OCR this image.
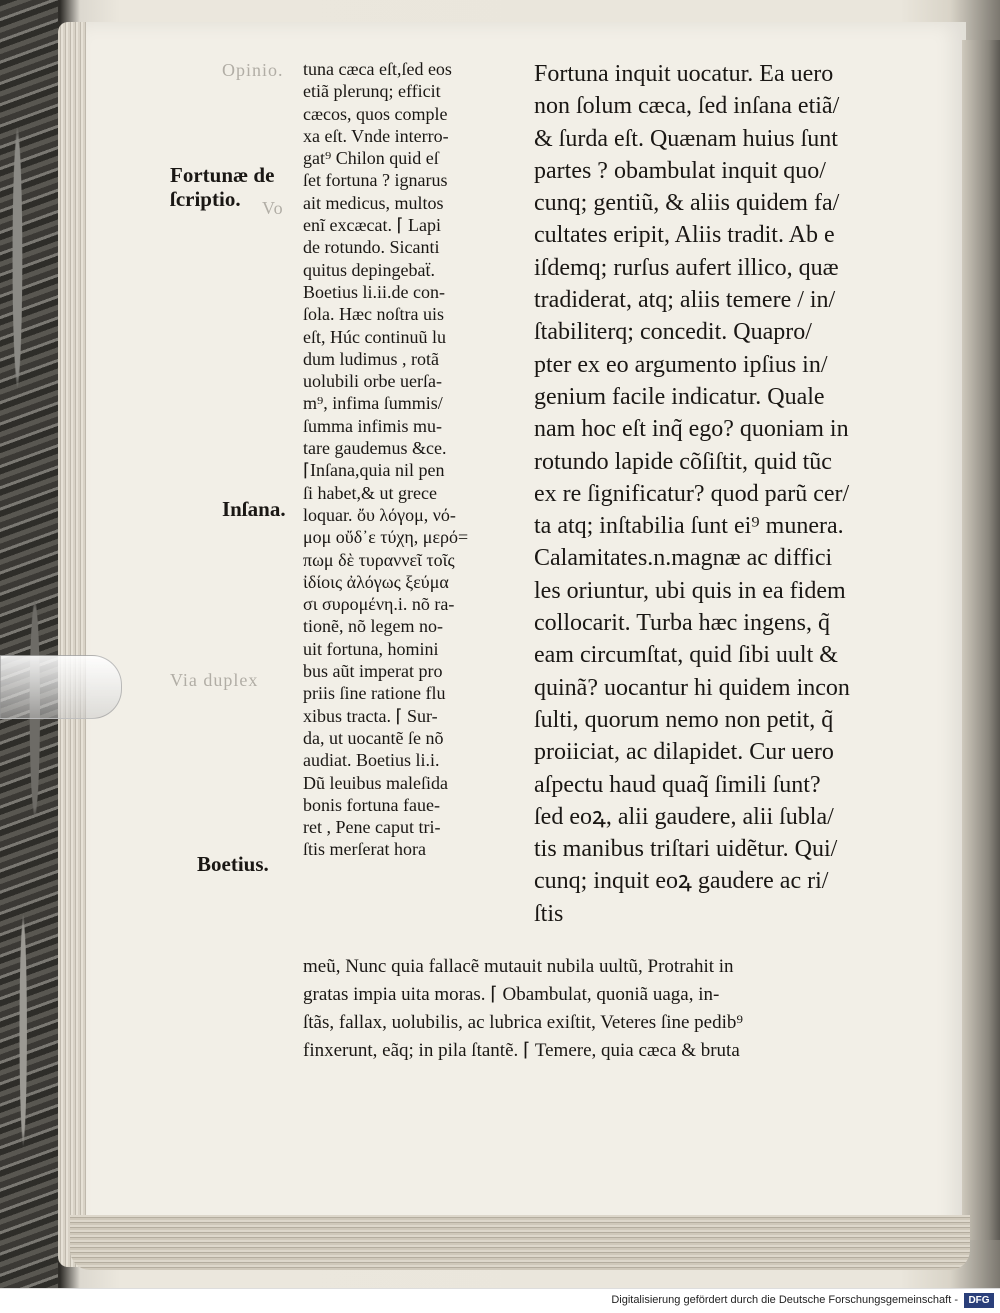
Opinio.
Vo
Via duplex
Fortunæ de
ſcriptio.
Inſana.
Boetius.
tuna cæca eſt,ſed eos
etiã plerunq; efficit
cæcos, quos comple
xa eſt. Vnde interro-
gat⁹ Chilon quid eſ
ſet fortuna ? ignarus
ait medicus, multos
enĩ excæcat. ⌈ Lapi
de rotundo. Sicanti
quitus depingebaẗ.
Boetius li.ii.de con-
ſola. Hæc noſtra uis
eſt, Húc continuũ lu
dum ludimus , rotã
uolubili orbe uerſa-
m⁹, infima ſummis/
ſumma infimis mu-
tare gaudemus &ce.
⌈Inſana,quia nil pen
ſi habet,& ut grece
loquar. ὄυ λόγομ, νό-
μομ οὔδ᾽ε τύχη, μερό=
πωμ δὲ τυραννεῖ τοῖς
ἰδίοις ἀλόγως ξεύμα
σι συρομένη.i. nõ ra-
tionẽ, nõ legem no-
uit fortuna, homini
bus aũt imperat pro
priis ſine ratione flu
xibus tracta. ⌈ Sur-
da, ut uocantẽ ſe nõ
audiat. Boetius li.i.
Dũ leuibus maleſida
bonis fortuna faue-
ret , Pene caput tri-
ſtis merſerat hora
Fortuna inquit uocatur. Ea uero
non ſolum cæca, ſed inſana etiã/
& ſurda eſt. Quænam huius ſunt
partes ? obambulat inquit quo/
cunq; gentiũ, & aliis quidem fa/
cultates eripit, Aliis tradit. Ab e
iſdemq; rurſus aufert illico, quæ
tradiderat, atq; aliis temere / in/
ſtabiliterq; concedit. Quapro/
pter ex eo argumento ipſius in/
genium facile indicatur. Quale
nam hoc eſt inq̃ ego? quoniam in
rotundo lapide cõſiſtit, quid tũc
ex re ſignificatur? quod parũ cer/
ta atq; inſtabilia ſunt ei⁹ munera.
Calamitates.n.magnæ ac diffici
les oriuntur, ubi quis in ea fidem
collocarit. Turba hæc ingens, q̃
eam circumſtat, quid ſibi uult &
quinã? uocantur hi quidem incon
ſulti, quorum nemo non petit, q̃
proiiciat, ac dilapidet. Cur uero
aſpectu haud quaq̃ ſimili ſunt?
ſed eoꝝ, alii gaudere, alii ſubla/
tis manibus triſtari uidẽtur. Qui/
cunq; inquit eoꝝ gaudere ac ri/
ſtis
meũ, Nunc quia fallacẽ mutauit nubila uultũ, Protrahit in
gratas impia uita moras. ⌈ Obambulat, quoniã uaga, in-
ſtãs, fallax, uolubilis, ac lubrica exiſtit, Veteres ſine pedib⁹
finxerunt, eãq; in pila ſtantẽ. ⌈ Temere, quia cæca & bruta
Digitalisierung gefördert durch die Deutsche Forschungsgemeinschaft -	DFG
